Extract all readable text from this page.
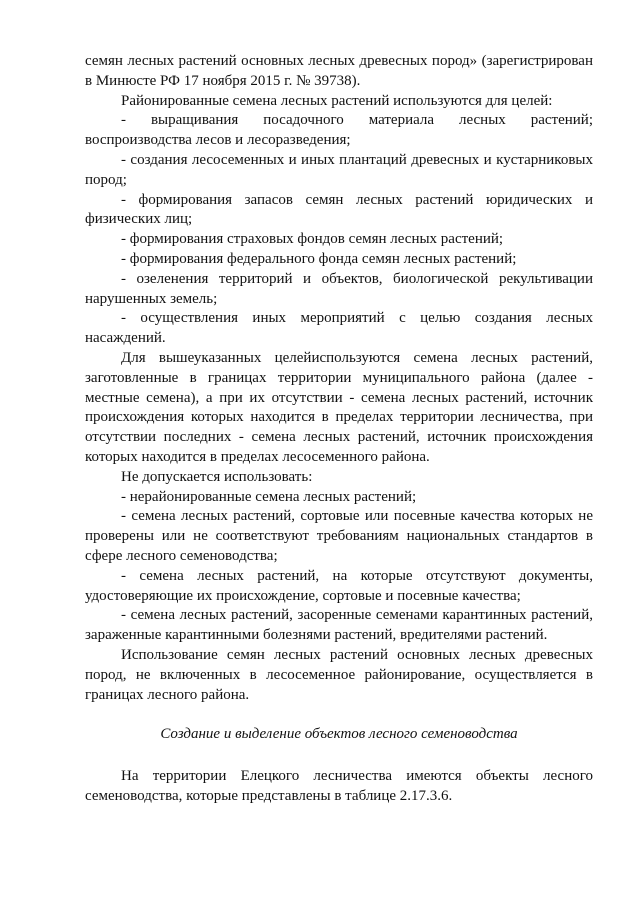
семян лесных растений основных лесных древесных пород» (зарегистрирован в Минюсте РФ 17 ноября 2015 г. № 39738).

Районированные семена лесных растений используются для целей:

- выращивания посадочного материала лесных растений; воспроизводства лесов и лесоразведения;

- создания лесосеменных и иных плантаций древесных и кустарниковых пород;

- формирования запасов семян лесных растений юридических и физических лиц;

- формирования страховых фондов семян лесных растений;

- формирования федерального фонда семян лесных растений;

- озеленения территорий и объектов, биологической рекультивации нарушенных земель;

- осуществления иных мероприятий с целью создания лесных насаждений.

Для вышеуказанных целейиспользуются семена лесных растений, заготовленные в границах территории муниципального района (далее - местные семена), а при их отсутствии - семена лесных растений, источник происхождения которых находится в пределах территории лесничества, при отсутствии последних - семена лесных растений, источник происхождения которых находится в пределах лесосеменного района.

Не допускается использовать:

- нерайонированные семена лесных растений;

- семена лесных растений, сортовые или посевные качества которых не проверены или не соответствуют требованиям национальных стандартов в сфере лесного семеноводства;

- семена лесных растений, на которые отсутствуют документы, удостоверяющие их происхождение, сортовые и посевные качества;

- семена лесных растений, засоренные семенами карантинных растений, зараженные карантинными болезнями растений, вредителями растений.

Использование семян лесных растений основных лесных древесных пород, не включенных в лесосеменное районирование, осуществляется в границах лесного района.

Создание и выделение объектов лесного семеноводства

На территории Елецкого лесничества имеются объекты лесного семеноводства, которые представлены в таблице 2.17.3.6.
